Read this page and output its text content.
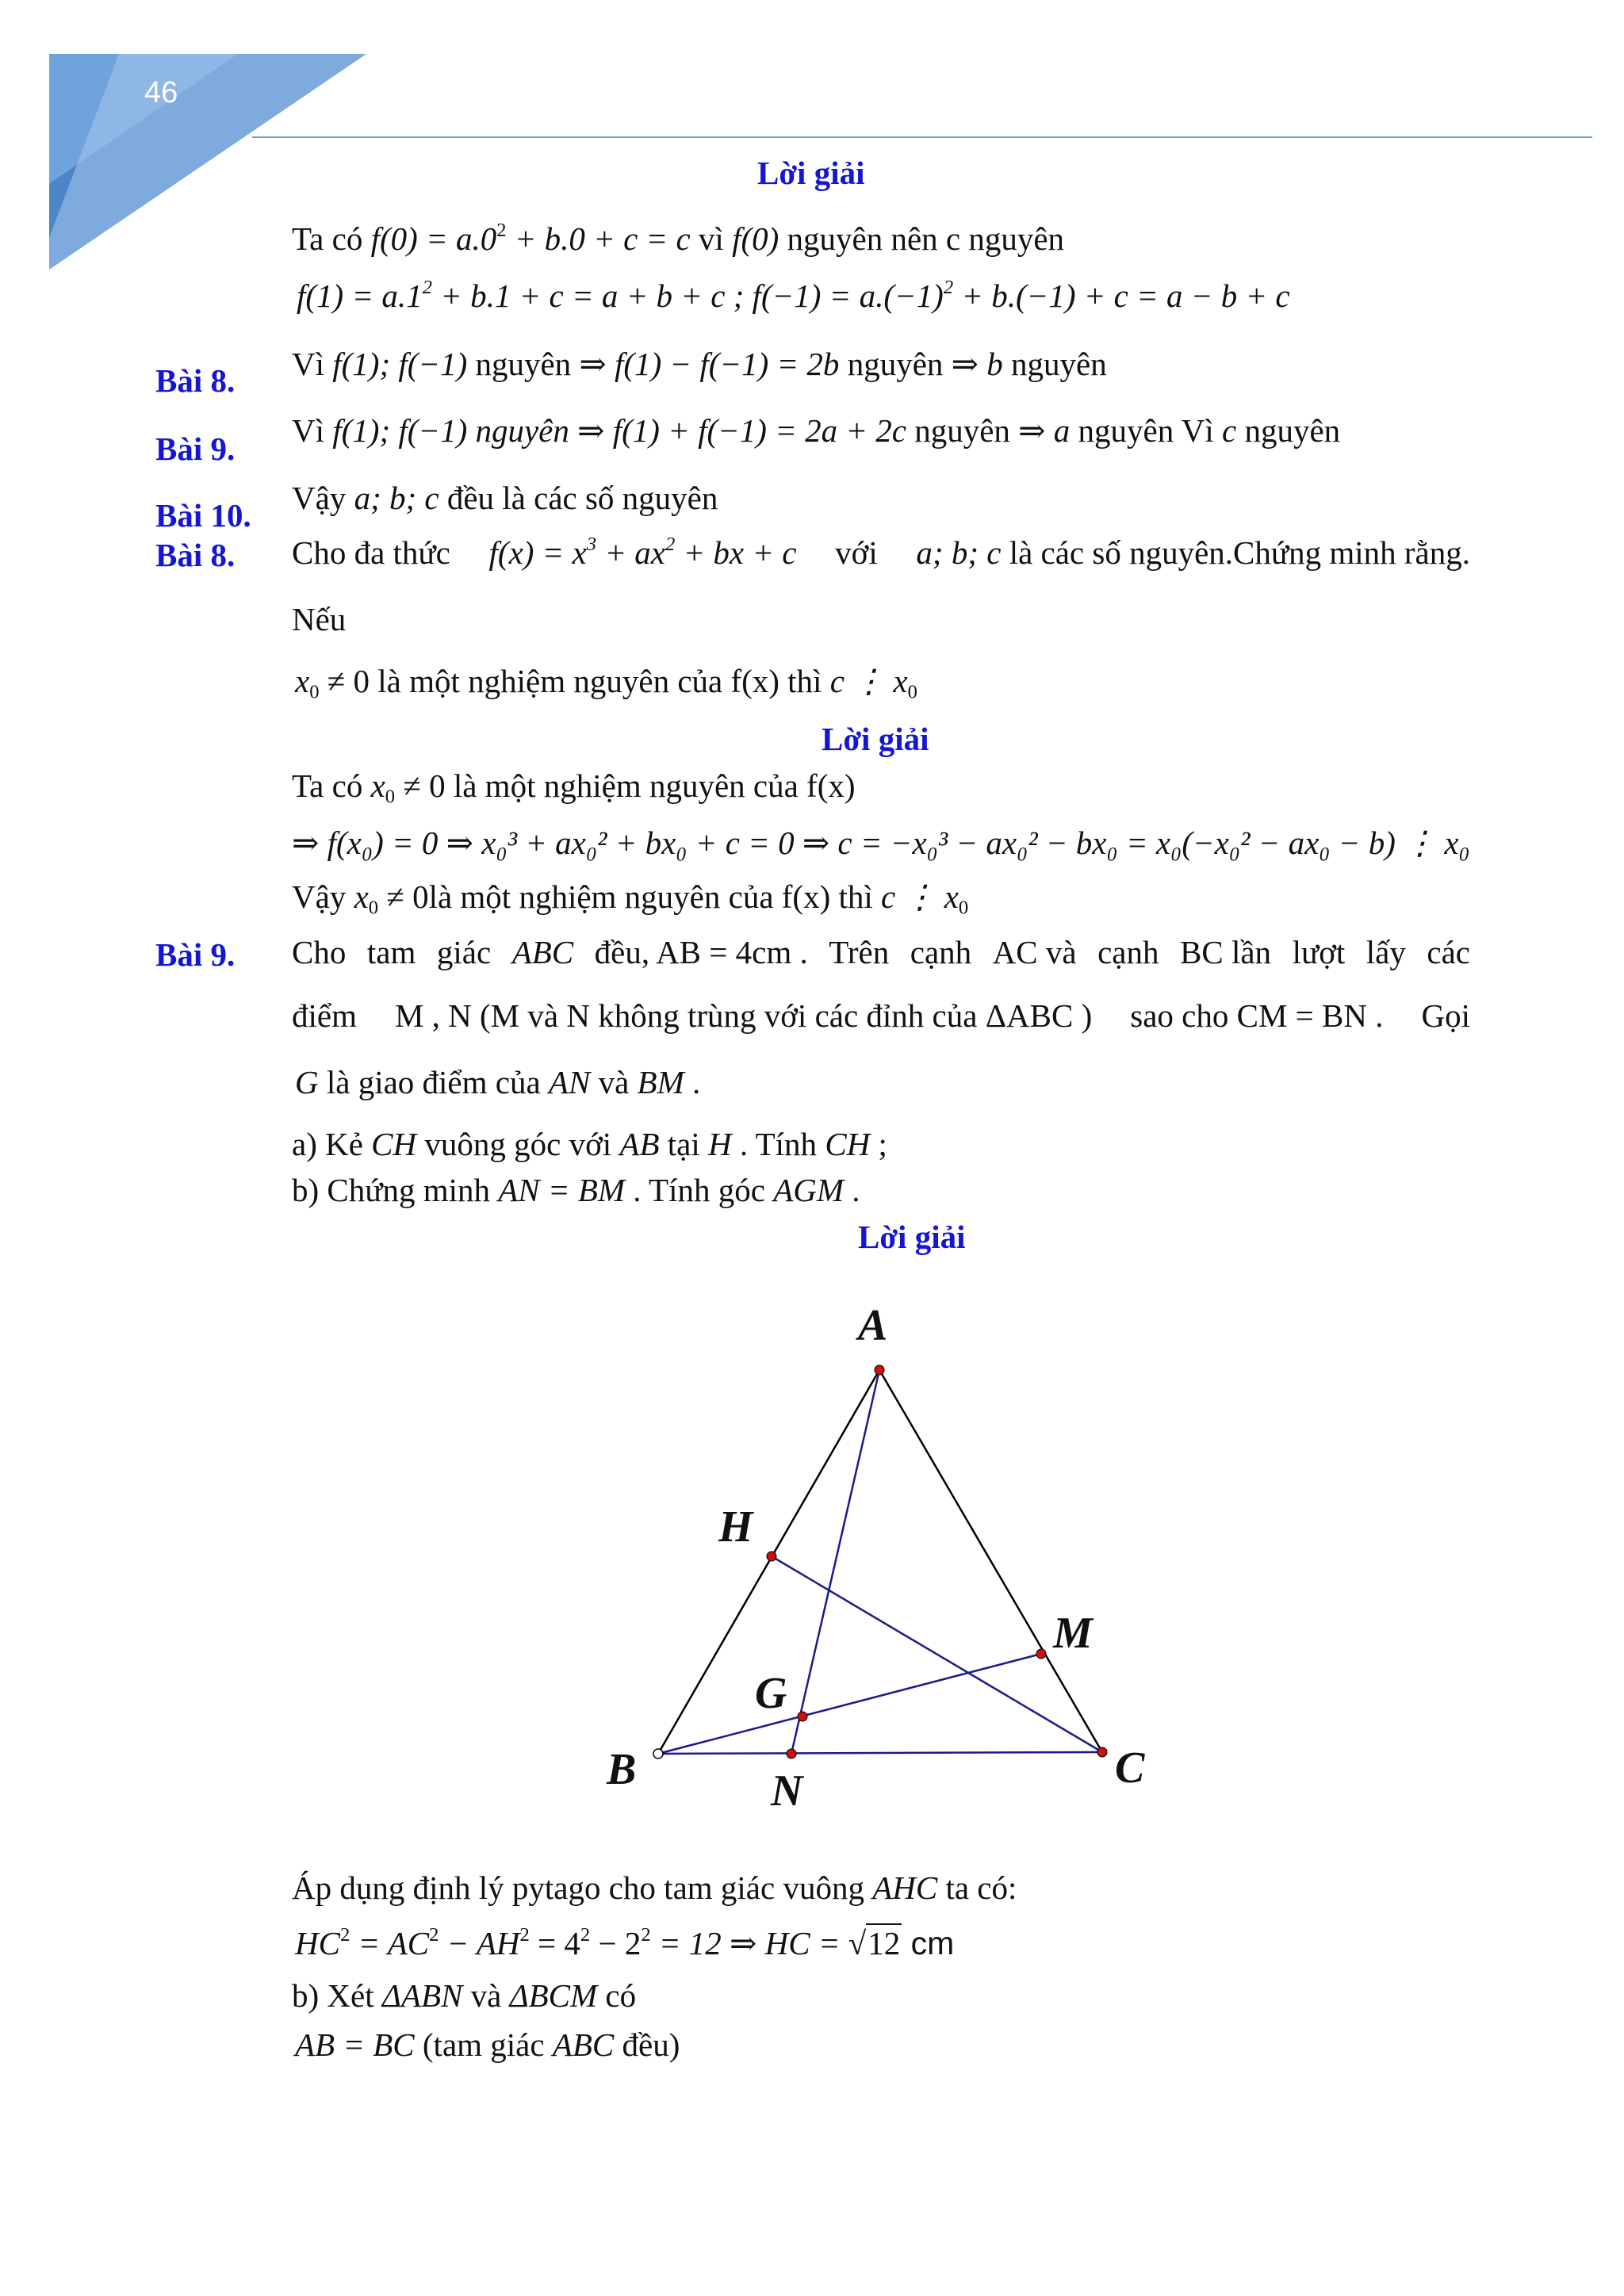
46
Lời giải
Ta có $f(0) = a.0^2 + b.0 + c = c$ vì f(0) nguyên nên c nguyên
$f(1) = a.1^2 + b.1 + c = a + b + c$ ; $f(-1) = a.(-1)^2 + b.(-1) + c = a - b + c$
Bài 8. Vì f(1); f(−1) nguyên ⇒ f(1) − f(−1) = 2b nguyên ⇒ b nguyên
Bài 9. Vì f(1); f(−1) nguyên ⇒ f(1) + f(−1) = 2a + 2c nguyên ⇒ a nguyên Vì c nguyên
Bài 10. Vậy a; b; c đều là các số nguyên
Bài 8. Cho đa thức $f(x) = x^3 + ax^2$ + bx + c với a; b; c là các số nguyên.Chứng minh rằng.
Nếu
$x_0 \ne 0$ là một nghiệm nguyên của f(x) thì c ⋮ $x_0$
Lời giải
Ta có $x_0 \ne 0$ là một nghiệm nguyên của f(x)
⇒ f(x₀) = 0 ⇒ x₀³ + ax₀² + bx₀ + c = 0 ⇒ c = −x₀³ − ax₀² − bx₀ = x₀(−x₀² − ax₀ − b) ⋮ x₀
Vậy $x_0$ ≠ 0là một nghiệm nguyên của f(x) thì c ⋮ $x_0$
Bài 9. Cho tam giác ABC đều, AB = 4cm . Trên cạnh AC và cạnh BC lần lượt lấy các
điểm M , N (M và N không trùng với các đỉnh của ΔABC ) sao cho CM = BN . Gọi
G là giao điểm của AN và BM .
a) Kẻ CH vuông góc với AB tại H . Tính CH ;
b) Chứng minh AN = BM . Tính góc AGM .
Lời giải
A
B	C
H
M
N
G
Áp dụng định lý pytago cho tam giác vuông AHC ta có:
$HC^2 = AC^2 - AH^2 = 4^2 - 2^2 = 12$ ⇒ HC = √12 cm
b) Xét ΔABN và ΔBCM có
AB = BC (tam giác ABC đều)
